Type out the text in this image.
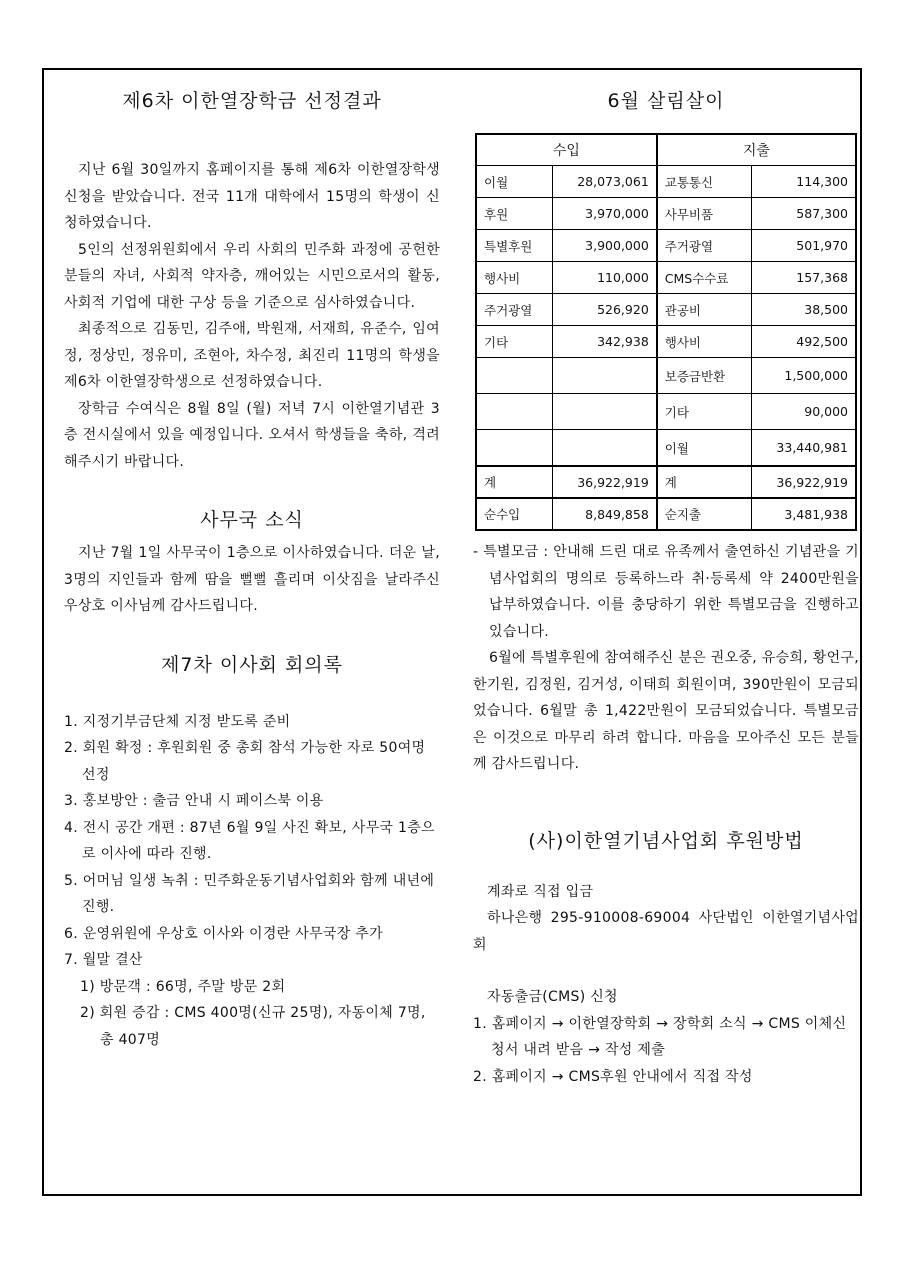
제6차 이한열장학금 선정결과

지난 6월 30일까지 홈페이지를 통해 제6차 이한열장학생 신청을 받았습니다. 전국 11개 대학에서 15명의 학생이 신청하였습니다.

5인의 선정위원회에서 우리 사회의 민주화 과정에 공헌한 분들의 자녀, 사회적 약자층, 깨어있는 시민으로서의 활동, 사회적 기업에 대한 구상 등을 기준으로 심사하였습니다.

최종적으로 김동민, 김주애, 박원재, 서재희, 유준수, 임여정, 정상민, 정유미, 조현아, 차수정, 최진리 11명의 학생을 제6차 이한열장학생으로 선정하였습니다.

장학금 수여식은 8월 8일 (월) 저녁 7시 이한열기념관 3층 전시실에서 있을 예정입니다. 오셔서 학생들을 축하, 격려해주시기 바랍니다.

사무국 소식

지난 7월 1일 사무국이 1층으로 이사하였습니다. 더운 날, 3명의 지인들과 함께 땀을 뻘뻘 흘리며 이삿짐을 날라주신 우상호 이사님께 감사드립니다.

제7차 이사회 회의록
1. 지정기부금단체 지정 받도록 준비
2. 회원 확정 : 후원회원 중 총회 참석 가능한 자로 50여명 선정
3. 홍보방안 : 출금 안내 시 페이스북 이용
4. 전시 공간 개편 : 87년 6월 9일 사진 확보, 사무국 1층으로 이사에 따라 진행.
5. 어머님 일생 녹취 : 민주화운동기념사업회와 함께 내년에 진행.
6. 운영위원에 우상호 이사와 이경란 사무국장 추가
7. 월말 결산
1) 방문객 : 66명, 주말 방문 2회
2) 회원 증감 : CMS 400명(신규 25명), 자동이체 7명, 총 407명
6월 살림살이
수입		지출	
이월	28,073,061	교통통신	114,300
후원	3,970,000	사무비품	587,300
특별후원	3,900,000	주거광열	501,970
행사비	110,000	CMS수수료	157,368
주거광열	526,920	관공비	38,500
기타	342,938	행사비	492,500
		보증금반환	1,500,000
		기타	90,000
		이월	33,440,981
계	36,922,919	계	36,922,919
순수입	8,849,858	순지출	3,481,938

- 특별모금 : 안내해 드린 대로 유족께서 출연하신 기념관을 기념사업회의 명의로 등록하느라 취·등록세 약 2400만원을 납부하였습니다. 이를 충당하기 위한 특별모금을 진행하고 있습니다.

6월에 특별후원에 참여해주신 분은 권오중, 유승희, 황언구, 한기원, 김정원, 김거성, 이태희 회원이며, 390만원이 모금되었습니다. 6월말 총 1,422만원이 모금되었습니다. 특별모금은 이것으로 마무리 하려 합니다. 마음을 모아주신 모든 분들께 감사드립니다.

(사)이한열기념사업회 후원방법

계좌로 직접 입금

하나은행 295-910008-69004 사단법인 이한열기념사업회

자동출금(CMS) 신청

1. 홈페이지 → 이한열장학회 → 장학회 소식 → CMS 이체신청서 내려 받음 → 작성 제출
2. 홈페이지 → CMS후원 안내에서 직접 작성
